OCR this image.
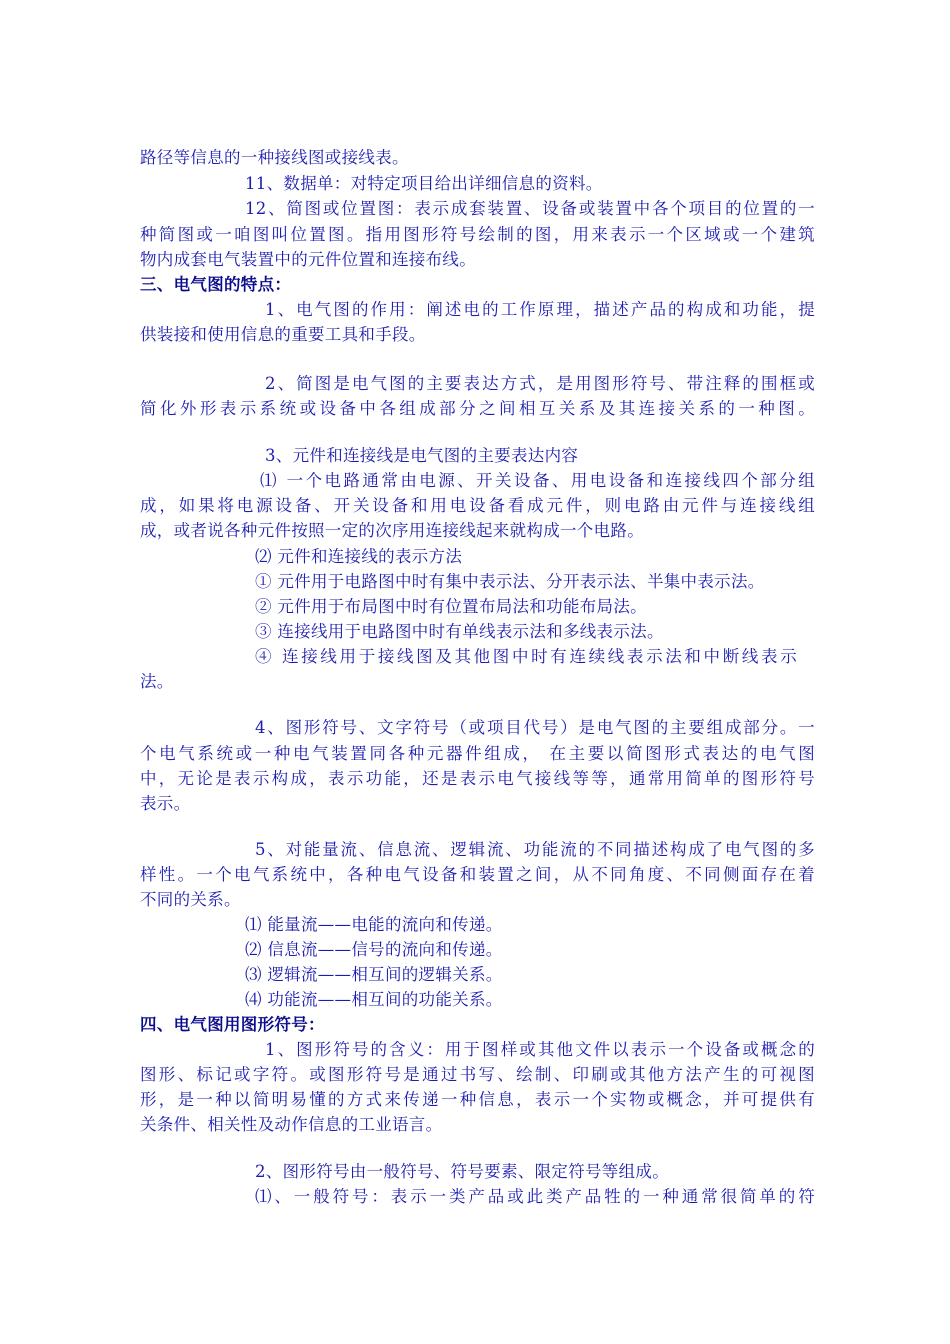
路径等信息的一种接线图或接线表。
11、数据单：对特定项目给出详细信息的资料。
12、简图或位置图：表示成套装置、设备或装置中各个项目的位置的一
种简图或一咱图叫位置图。指用图形符号绘制的图，用来表示一个区域或一个建筑
物内成套电气装置中的元件位置和连接布线。
三、电气图的特点：
1、电气图的作用：阐述电的工作原理，描述产品的构成和功能，提
供装接和使用信息的重要工具和手段。
2、简图是电气图的主要表达方式，是用图形符号、带注释的围框或
简化外形表示系统或设备中各组成部分之间相互关系及其连接关系的一种图。
3、元件和连接线是电气图的主要表达内容
⑴ 一个电路通常由电源、开关设备、用电设备和连接线四个部分组
成，如果将电源设备、开关设备和用电设备看成元件，则电路由元件与连接线组
成，或者说各种元件按照一定的次序用连接线起来就构成一个电路。
⑵ 元件和连接线的表示方法
① 元件用于电路图中时有集中表示法、分开表示法、半集中表示法。
② 元件用于布局图中时有位置布局法和功能布局法。
③ 连接线用于电路图中时有单线表示法和多线表示法。
④ 连接线用于接线图及其他图中时有连续线表示法和中断线表示
法。
4、图形符号、文字符号（或项目代号）是电气图的主要组成部分。一
个电气系统或一种电气装置同各种元器件组成， 在主要以简图形式表达的电气图
中，无论是表示构成，表示功能，还是表示电气接线等等，通常用简单的图形符号
表示。
5、对能量流、信息流、逻辑流、功能流的不同描述构成了电气图的多
样性。一个电气系统中，各种电气设备和装置之间，从不同角度、不同侧面存在着
不同的关系。
⑴ 能量流——电能的流向和传递。
⑵ 信息流——信号的流向和传递。
⑶ 逻辑流——相互间的逻辑关系。
⑷ 功能流——相互间的功能关系。
四、电气图用图形符号：
1、图形符号的含义：用于图样或其他文件以表示一个设备或概念的
图形、标记或字符。或图形符号是通过书写、绘制、印刷或其他方法产生的可视图
形，是一种以简明易懂的方式来传递一种信息，表示一个实物或概念，并可提供有
关条件、相关性及动作信息的工业语言。
2、图形符号由一般符号、符号要素、限定符号等组成。
⑴、一般符号：表示一类产品或此类产品牲的一种通常很简单的符
